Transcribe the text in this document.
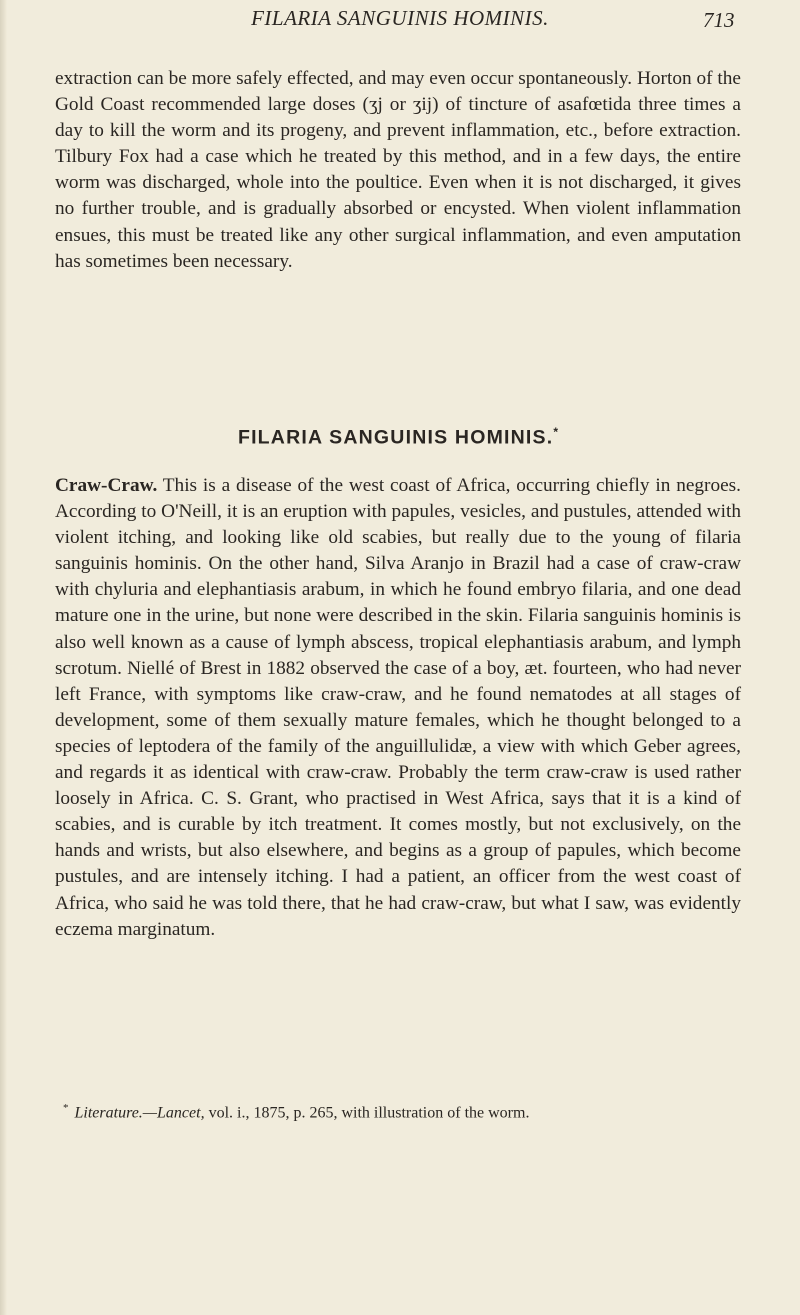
FILARIA SANGUINIS HOMINIS.	713
extraction can be more safely effected, and may even occur spontaneously. Horton of the Gold Coast recommended large doses (ʒj or ʒij) of tincture of asafœtida three times a day to kill the worm and its progeny, and prevent inflammation, etc., before extraction. Tilbury Fox had a case which he treated by this method, and in a few days, the entire worm was discharged, whole into the poultice. Even when it is not discharged, it gives no further trouble, and is gradually absorbed or encysted. When violent inflammation ensues, this must be treated like any other surgical inflammation, and even amputation has sometimes been necessary.
FILARIA SANGUINIS HOMINIS.*
Craw-Craw. This is a disease of the west coast of Africa, occurring chiefly in negroes. According to O'Neill, it is an eruption with papules, vesicles, and pustules, attended with violent itching, and looking like old scabies, but really due to the young of filaria sanguinis hominis. On the other hand, Silva Aranjo in Brazil had a case of craw-craw with chyluria and elephantiasis arabum, in which he found embryo filaria, and one dead mature one in the urine, but none were described in the skin. Filaria sanguinis hominis is also well known as a cause of lymph abscess, tropical elephantiasis arabum, and lymph scrotum. Niellé of Brest in 1882 observed the case of a boy, æt. fourteen, who had never left France, with symptoms like craw-craw, and he found nematodes at all stages of development, some of them sexually mature females, which he thought belonged to a species of leptodera of the family of the anguillulidæ, a view with which Geber agrees, and regards it as identical with craw-craw. Probably the term craw-craw is used rather loosely in Africa. C. S. Grant, who practised in West Africa, says that it is a kind of scabies, and is curable by itch treatment. It comes mostly, but not exclusively, on the hands and wrists, but also elsewhere, and begins as a group of papules, which become pustules, and are intensely itching. I had a patient, an officer from the west coast of Africa, who said he was told there, that he had craw-craw, but what I saw, was evidently eczema marginatum.
* Literature.—Lancet, vol. i., 1875, p. 265, with illustration of the worm.
